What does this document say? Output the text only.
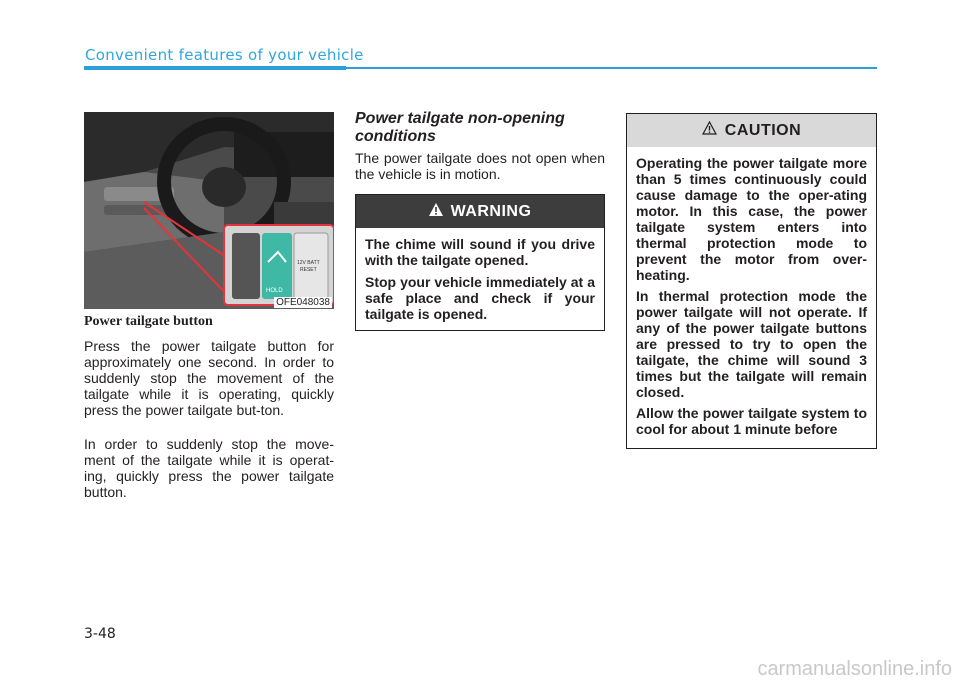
Convenient features of your vehicle
HOLD
12V BATT
RESET
OFE048038
Power tailgate button

Press the power tailgate button for approximately one second. In order to suddenly stop the movement of the tailgate while it is operating, quickly press the power tailgate but-ton.

In order to suddenly stop the move-ment of the tailgate while it is operat-ing, quickly press the power tailgate button.

Power tailgate non-opening conditions

The power tailgate does not open when the vehicle is in motion.

WARNING

The chime will sound if you drive with the tailgate opened.

Stop your vehicle immediately at a safe place and check if your tailgate is opened.

CAUTION

Operating the power tailgate more than 5 times continuously could cause damage to the oper-ating motor. In this case, the power tailgate system enters into thermal protection mode to prevent the motor from over-heating.

In thermal protection mode the power tailgate will not operate. If any of the power tailgate buttons are pressed to try to open the tailgate, the chime will sound 3 times but the tailgate will remain closed.

Allow the power tailgate system to cool for about 1 minute before

3-48
carmanualsonline.info
